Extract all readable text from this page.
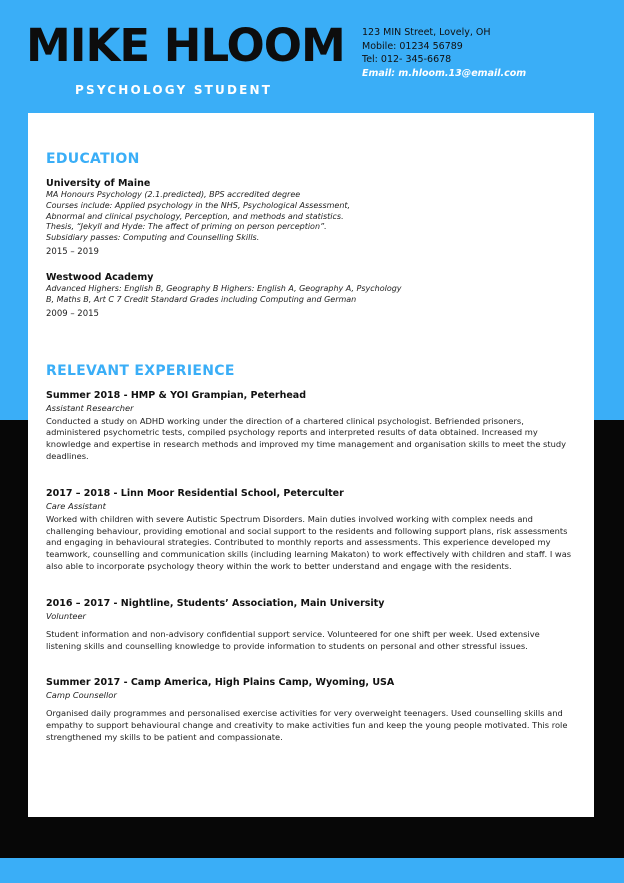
MIKE HLOOM
PSYCHOLOGY STUDENT
123 MIN Street, Lovely, OH
Mobile: 01234 56789
Tel: 012- 345-6678
Email: m.hloom.13@email.com
EDUCATION
University of Maine
MA Honours Psychology (2.1.predicted), BPS accredited degree
Courses include: Applied psychology in the NHS, Psychological Assessment,
Abnormal and clinical psychology, Perception, and methods and statistics.
Thesis, “Jekyll and Hyde: The affect of priming on person perception”.
Subsidiary passes: Computing and Counselling Skills.
2015 – 2019
Westwood Academy
Advanced Highers: English B, Geography B Highers: English A, Geography A, Psychology
B, Maths B, Art C 7 Credit Standard Grades including Computing and German
2009 – 2015
RELEVANT EXPERIENCE
Summer 2018 - HMP & YOI Grampian, Peterhead
Assistant Researcher
Conducted a study on ADHD working under the direction of a chartered clinical psychologist. Befriended prisoners, administered psychometric tests, compiled psychology reports and interpreted results of data obtained. Increased my knowledge and expertise in research methods and improved my time management and organisation skills to meet the study deadlines.
2017 – 2018 - Linn Moor Residential School, Peterculter
Care Assistant
Worked with children with severe Autistic Spectrum Disorders. Main duties involved working with complex needs and challenging behaviour, providing emotional and social support to the residents and following support plans, risk assessments and engaging in behavioural strategies. Contributed to monthly reports and assessments. This experience developed my teamwork, counselling and communication skills (including learning Makaton) to work effectively with children and staff. I was also able to incorporate psychology theory within the work to better understand and engage with the residents.
2016 – 2017 - Nightline, Students’ Association, Main University
Volunteer
Student information and non-advisory confidential support service. Volunteered for one shift per week. Used extensive listening skills and counselling knowledge to provide information to students on personal and other stressful issues.
Summer 2017 - Camp America, High Plains Camp, Wyoming, USA
Camp Counsellor
Organised daily programmes and personalised exercise activities for very overweight teenagers. Used counselling skills and empathy to support behavioural change and creativity to make activities fun and keep the young people motivated. This role strengthened my skills to be patient and compassionate.
